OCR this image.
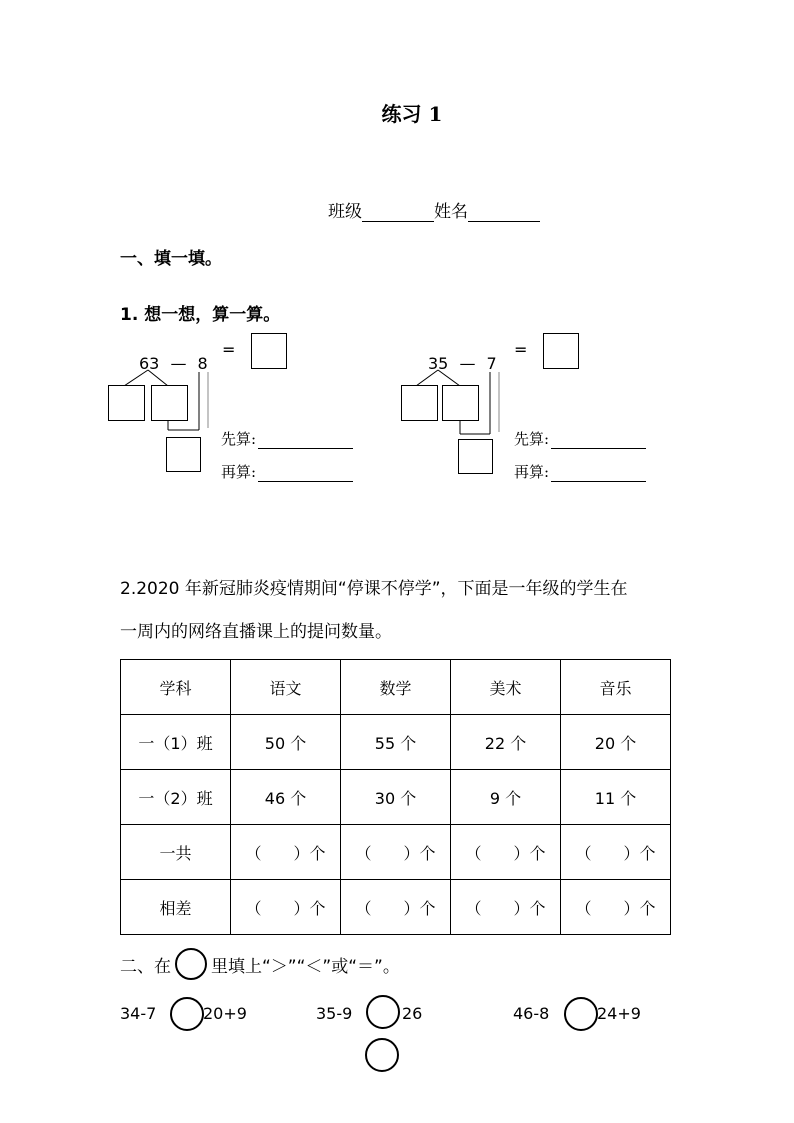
练习 1
班级	姓名
一、填一填。
1. 想一想，算一算。
63 — 8
=
先算:
再算:
35 — 7
=
先算:
再算:
2.2020 年新冠肺炎疫情期间“停课不停学”，下面是一年级的学生在
一周内的网络直播课上的提问数量。
学科	语文	数学	美术	音乐
一（1）班	50 个	55 个	22 个	20 个
一（2）班	46 个	30 个	9 个	11 个
一共	（　　）个	（　　）个	（　　）个	（　　）个
相差	（　　）个	（　　）个	（　　）个	（　　）个
二、在 里填上“＞”“＜”或“＝”。
34-7	20+9	35-9	26	46-8	24+9
